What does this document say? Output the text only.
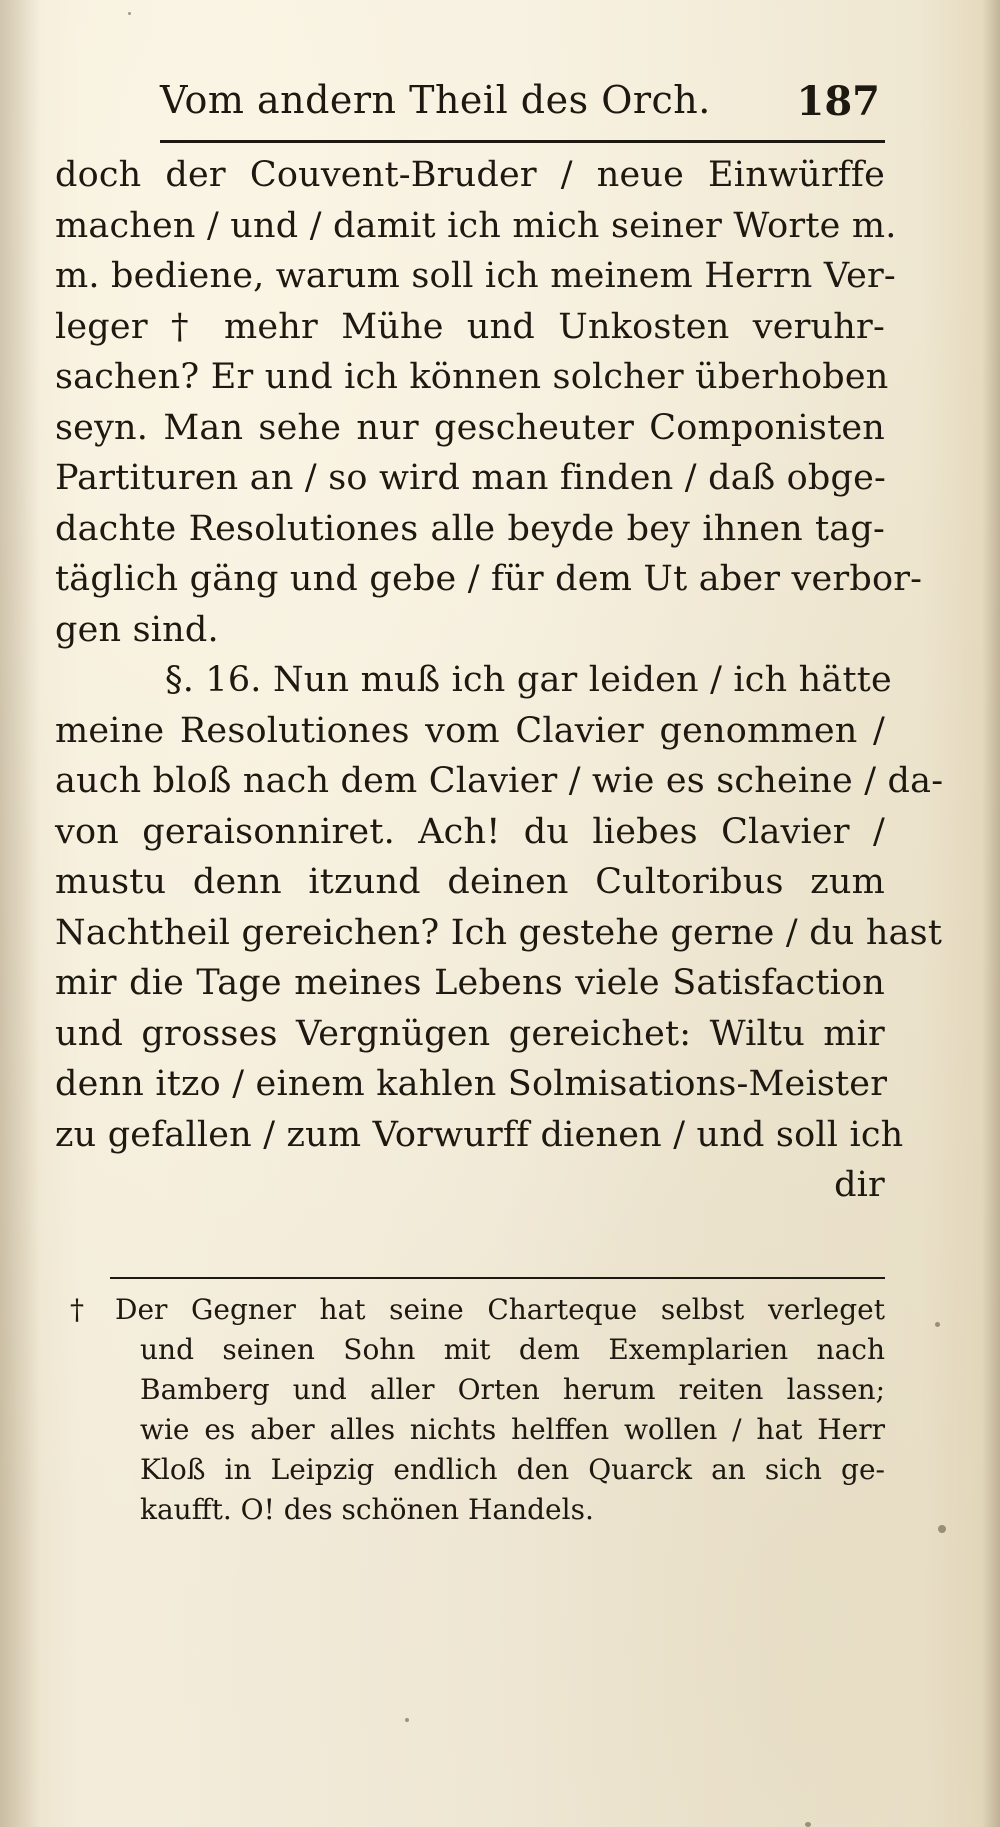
Vom andern Theil des Orch. 187
doch der Couvent-Bruder / neue Einwürffe
machen / und / damit ich mich seiner Worte m.
m. bediene, warum soll ich meinem Herrn Ver-
leger † mehr Mühe und Unkosten veruhr-
sachen? Er und ich können solcher überhoben
seyn. Man sehe nur gescheuter Componisten
Partituren an / so wird man finden / daß obge-
dachte Resolutiones alle beyde bey ihnen tag-
täglich gäng und gebe / für dem Ut aber verbor-
gen sind.
§. 16. Nun muß ich gar leiden / ich hätte
meine Resolutiones vom Clavier genommen /
auch bloß nach dem Clavier / wie es scheine / da-
von geraisonniret. Ach! du liebes Clavier /
mustu denn itzund deinen Cultoribus zum
Nachtheil gereichen? Ich gestehe gerne / du hast
mir die Tage meines Lebens viele Satisfaction
und grosses Vergnügen gereichet: Wiltu mir
denn itzo / einem kahlen Solmisations-Meister
zu gefallen / zum Vorwurff dienen / und soll ich
dir
† Der Gegner hat seine Charteque selbst verleget
und seinen Sohn mit dem Exemplarien nach
Bamberg und aller Orten herum reiten lassen;
wie es aber alles nichts helffen wollen / hat Herr
Kloß in Leipzig endlich den Quarck an sich ge-
kaufft. O! des schönen Handels.
